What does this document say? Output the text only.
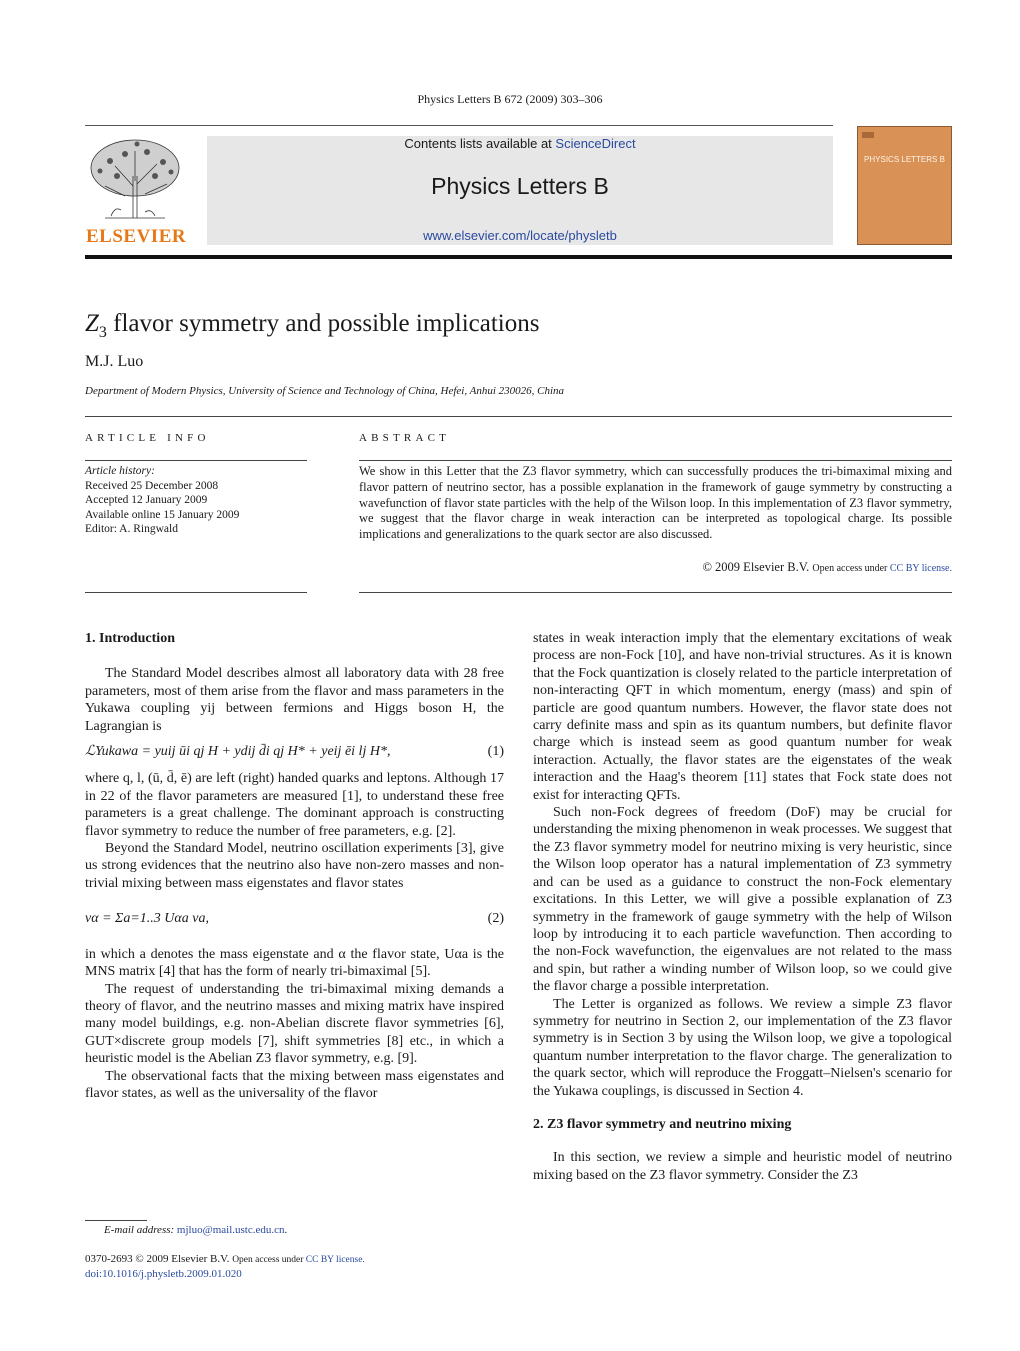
Physics Letters B 672 (2009) 303–306
ELSEVIER
Contents lists available at ScienceDirect
Physics Letters B
www.elsevier.com/locate/physletb
PHYSICS LETTERS B
$Z_3$ flavor symmetry and possible implications
M.J. Luo
Department of Modern Physics, University of Science and Technology of China, Hefei, Anhui 230026, China
ARTICLE INFO	ABSTRACT
Article history:
Received 25 December 2008
Accepted 12 January 2009
Available online 15 January 2009
Editor: A. Ringwald
We show in this Letter that the Z3 flavor symmetry, which can successfully produces the tri-bimaximal mixing and flavor pattern of neutrino sector, has a possible explanation in the framework of gauge symmetry by constructing a wavefunction of flavor state particles with the help of the Wilson loop. In this implementation of Z3 flavor symmetry, we suggest that the flavor charge in weak interaction can be interpreted as topological charge. Its possible implications and generalizations to the quark sector are also discussed.
© 2009 Elsevier B.V. Open access under CC BY license.
1. Introduction

The Standard Model describes almost all laboratory data with 28 free parameters, most of them arise from the flavor and mass parameters in the Yukawa coupling yij between fermions and Higgs boson H, the Lagrangian is

ℒYukawa = yuij ūi qj H + ydij d̄i qj H* + yeij ēi lj H*,	(1)

where q, l, (ū, d̄, ē) are left (right) handed quarks and leptons. Although 17 in 22 of the flavor parameters are measured [1], to understand these free parameters is a great challenge. The dominant approach is constructing flavor symmetry to reduce the number of free parameters, e.g. [2].

Beyond the Standard Model, neutrino oscillation experiments [3], give us strong evidences that the neutrino also have non-zero masses and non-trivial mixing between mass eigenstates and flavor states

να = Σa=1..3 Uαa νa,	(2)

in which a denotes the mass eigenstate and α the flavor state, Uαa is the MNS matrix [4] that has the form of nearly tri-bimaximal [5].

The request of understanding the tri-bimaximal mixing demands a theory of flavor, and the neutrino masses and mixing matrix have inspired many model buildings, e.g. non-Abelian discrete flavor symmetries [6], GUT×discrete group models [7], shift symmetries [8] etc., in which a heuristic model is the Abelian Z3 flavor symmetry, e.g. [9].

The observational facts that the mixing between mass eigenstates and flavor states, as well as the universality of the flavor

states in weak interaction imply that the elementary excitations of weak process are non-Fock [10], and have non-trivial structures. As it is known that the Fock quantization is closely related to the particle interpretation of non-interacting QFT in which momentum, energy (mass) and spin of particle are good quantum numbers. However, the flavor state does not carry definite mass and spin as its quantum numbers, but definite flavor charge which is instead seem as good quantum number for weak interaction. Actually, the flavor states are the eigenstates of the weak interaction and the Haag's theorem [11] states that Fock state does not exist for interacting QFTs.

Such non-Fock degrees of freedom (DoF) may be crucial for understanding the mixing phenomenon in weak processes. We suggest that the Z3 flavor symmetry model for neutrino mixing is very heuristic, since the Wilson loop operator has a natural implementation of Z3 symmetry and can be used as a guidance to construct the non-Fock elementary excitations. In this Letter, we will give a possible explanation of Z3 symmetry in the framework of gauge symmetry with the help of Wilson loop by introducing it to each particle wavefunction. Then according to the non-Fock wavefunction, the eigenvalues are not related to the mass and spin, but rather a winding number of Wilson loop, so we could give the flavor charge a possible interpretation.

The Letter is organized as follows. We review a simple Z3 flavor symmetry for neutrino in Section 2, our implementation of the Z3 flavor symmetry is in Section 3 by using the Wilson loop, we give a topological quantum number interpretation to the flavor charge. The generalization to the quark sector, which will reproduce the Froggatt–Nielsen's scenario for the Yukawa couplings, is discussed in Section 4.

2. Z3 flavor symmetry and neutrino mixing

In this section, we review a simple and heuristic model of neutrino mixing based on the Z3 flavor symmetry. Consider the Z3

E-mail address: mjluo@mail.ustc.edu.cn.
0370-2693 © 2009 Elsevier B.V. Open access under CC BY license.
doi:10.1016/j.physletb.2009.01.020
